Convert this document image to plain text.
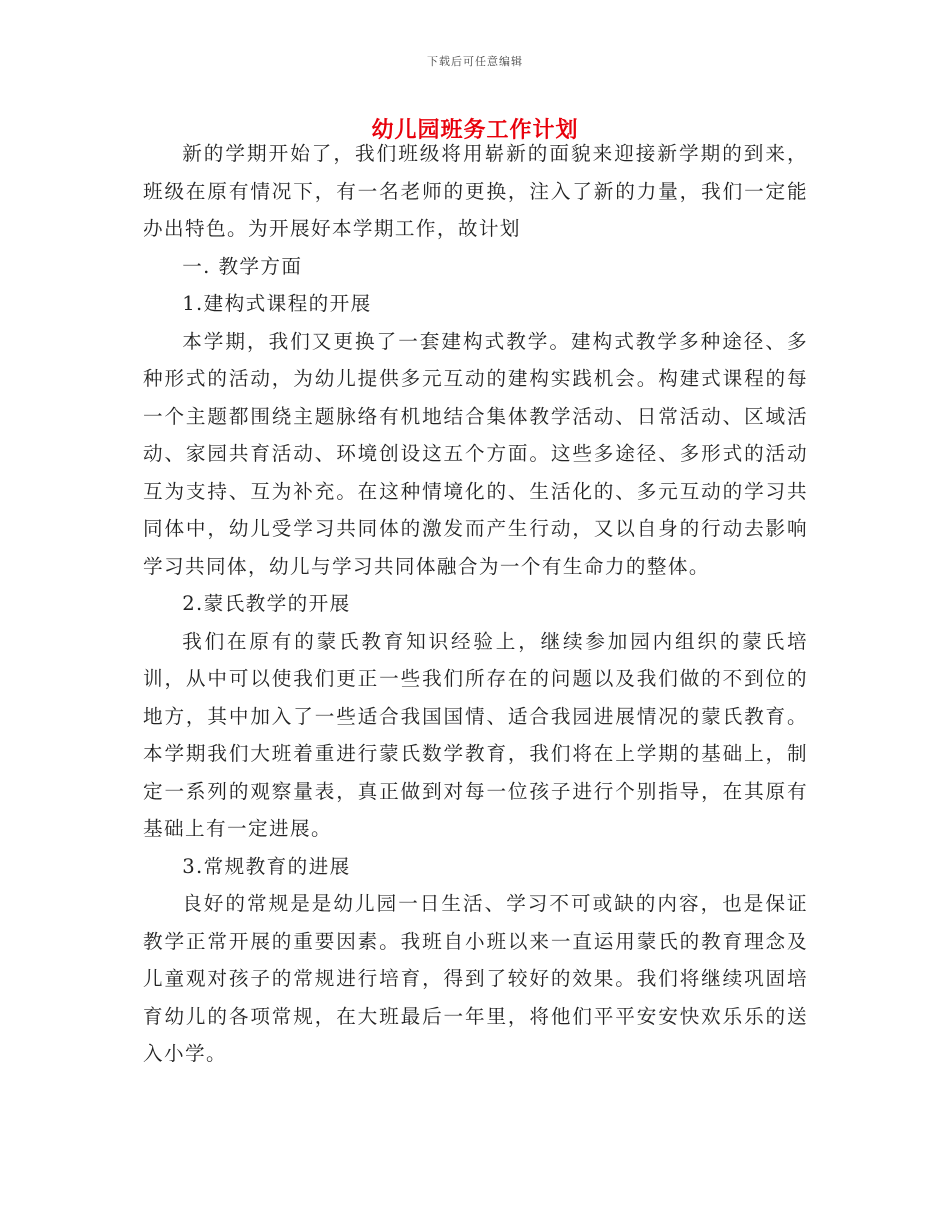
下载后可任意编辑
幼儿园班务工作计划

新的学期开始了，我们班级将用崭新的面貌来迎接新学期的到来，班级在原有情况下，有一名老师的更换，注入了新的力量，我们一定能办出特色。为开展好本学期工作，故计划

一. 教学方面

1.建构式课程的开展

本学期，我们又更换了一套建构式教学。建构式教学多种途径、多种形式的活动，为幼儿提供多元互动的建构实践机会。构建式课程的每一个主题都围绕主题脉络有机地结合集体教学活动、日常活动、区域活动、家园共育活动、环境创设这五个方面。这些多途径、多形式的活动互为支持、互为补充。在这种情境化的、生活化的、多元互动的学习共同体中，幼儿受学习共同体的激发而产生行动，又以自身的行动去影响学习共同体，幼儿与学习共同体融合为一个有生命力的整体。

2.蒙氏教学的开展

我们在原有的蒙氏教育知识经验上，继续参加园内组织的蒙氏培训，从中可以使我们更正一些我们所存在的问题以及我们做的不到位的地方，其中加入了一些适合我国国情、适合我园进展情况的蒙氏教育。本学期我们大班着重进行蒙氏数学教育，我们将在上学期的基础上，制定一系列的观察量表，真正做到对每一位孩子进行个别指导，在其原有基础上有一定进展。

3.常规教育的进展

良好的常规是是幼儿园一日生活、学习不可或缺的内容，也是保证教学正常开展的重要因素。我班自小班以来一直运用蒙氏的教育理念及儿童观对孩子的常规进行培育，得到了较好的效果。我们将继续巩固培育幼儿的各项常规，在大班最后一年里，将他们平平安安快欢乐乐的送入小学。
